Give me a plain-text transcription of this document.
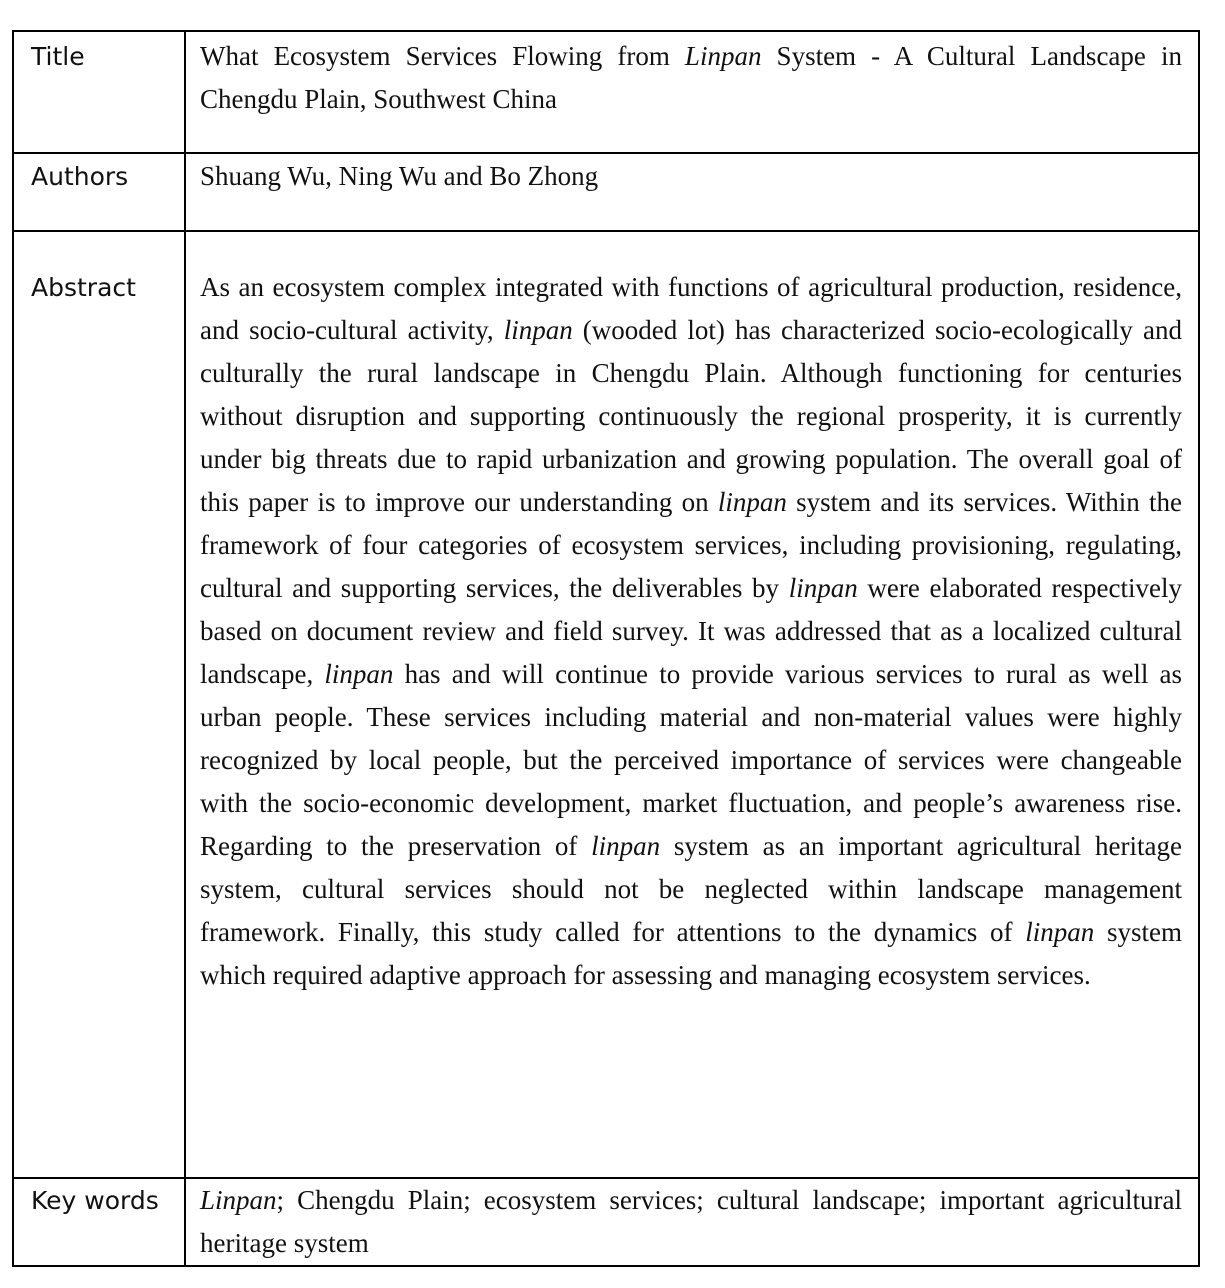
Title	What Ecosystem Services Flowing from Linpan System - A Cultural Landscape in Chengdu Plain, Southwest China

Authors	Shuang Wu, Ning Wu and Bo Zhong

Abstract	As an ecosystem complex integrated with functions of agricultural production, residence, and socio-cultural activity, linpan (wooded lot) has characterized socio-ecologically and culturally the rural landscape in Chengdu Plain. Although functioning for centuries without disruption and supporting continuously the regional prosperity, it is currently under big threats due to rapid urbanization and growing population. The overall goal of this paper is to improve our understanding on linpan system and its services. Within the framework of four categories of ecosystem services, including provisioning, regulating, cultural and supporting services, the deliverables by linpan were elaborated respectively based on document review and field survey. It was addressed that as a localized cultural landscape, linpan has and will continue to provide various services to rural as well as urban people. These services including material and non-material values were highly recognized by local people, but the perceived importance of services were changeable with the socio-economic development, market fluctuation, and people’s awareness rise. Regarding to the preservation of linpan system as an important agricultural heritage system, cultural services should not be neglected within landscape management framework. Finally, this study called for attentions to the dynamics of linpan system which required adaptive approach for assessing and managing ecosystem services.

Key words	Linpan; Chengdu Plain; ecosystem services; cultural landscape; important agricultural heritage system
